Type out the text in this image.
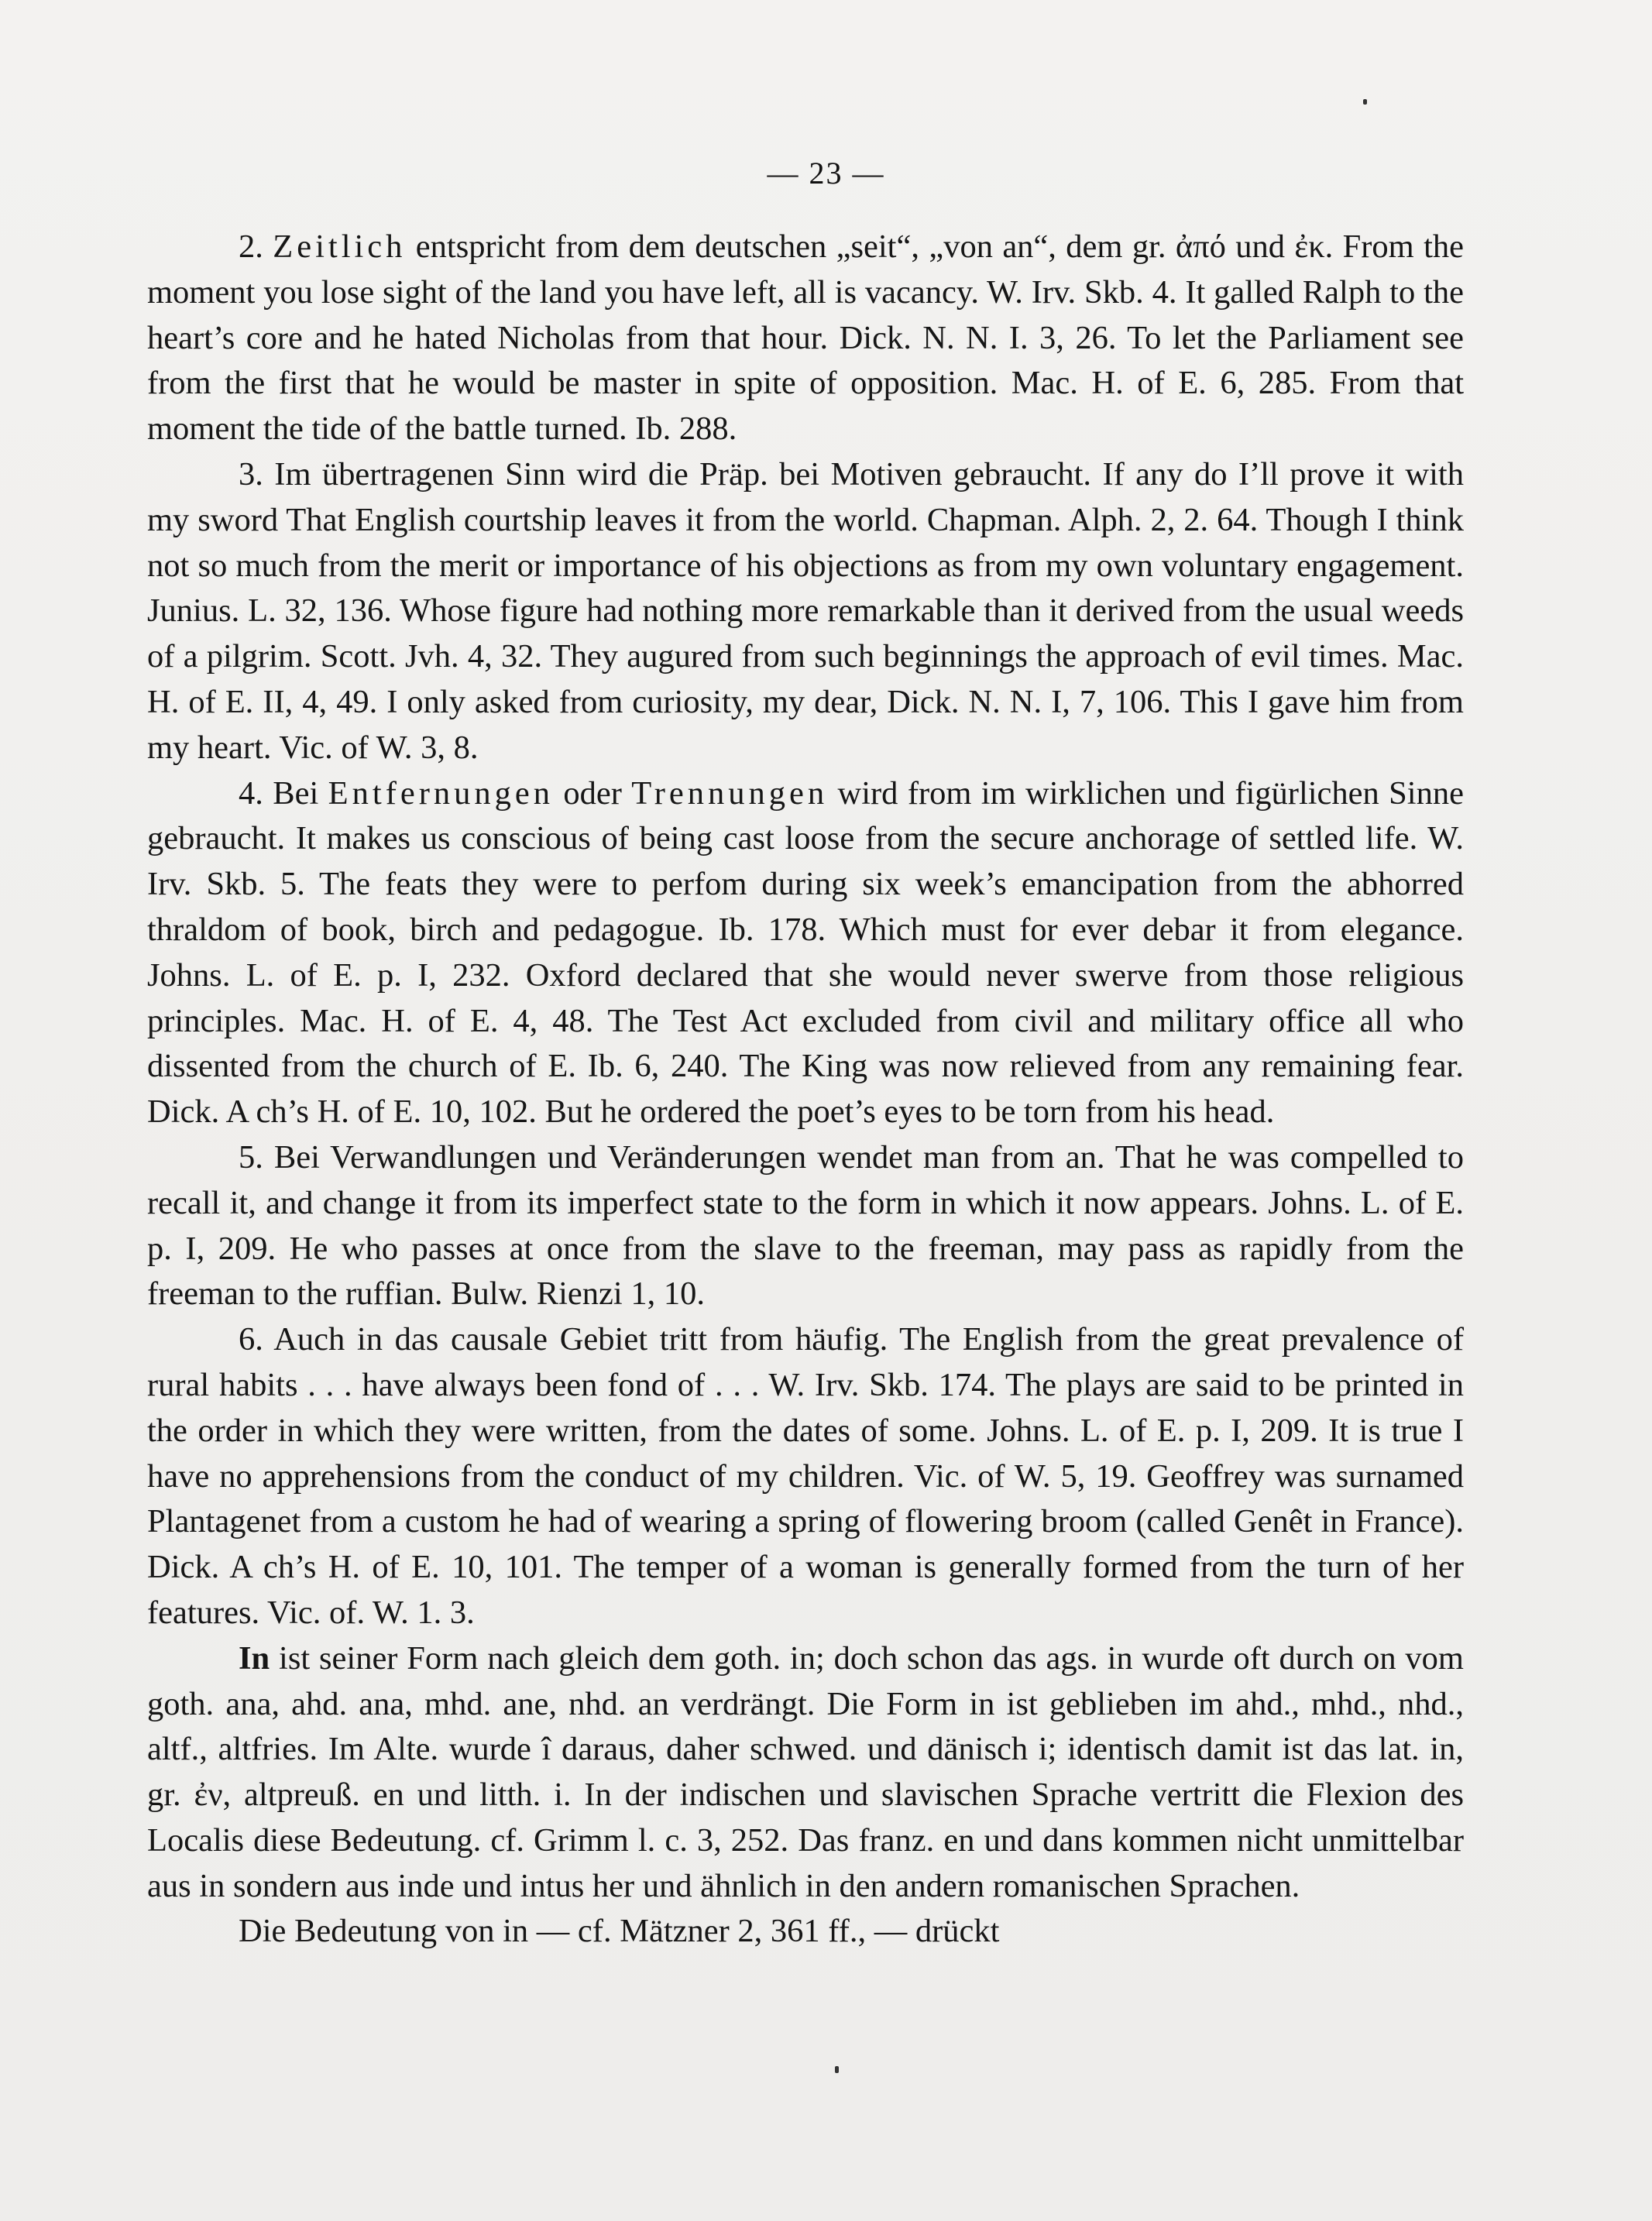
— 23 —

2. Zeitlich entspricht from dem deutschen „seit“, „von an“, dem gr. ἀπό und ἐκ. From the moment you lose sight of the land you have left, all is vacancy. W. Irv. Skb. 4. It galled Ralph to the heart’s core and he hated Nicholas from that hour. Dick. N. N. I. 3, 26. To let the Parliament see from the first that he would be master in spite of opposition. Mac. H. of E. 6, 285. From that moment the tide of the battle turned. Ib. 288.

3. Im übertragenen Sinn wird die Präp. bei Motiven gebraucht. If any do I’ll prove it with my sword That English courtship leaves it from the world. Chapman. Alph. 2, 2. 64. Though I think not so much from the merit or importance of his objections as from my own voluntary engagement. Junius. L. 32, 136. Whose figure had nothing more remarkable than it derived from the usual weeds of a pilgrim. Scott. Jvh. 4, 32. They augured from such beginnings the approach of evil times. Mac. H. of E. II, 4, 49. I only asked from curiosity, my dear, Dick. N. N. I, 7, 106. This I gave him from my heart. Vic. of W. 3, 8.

4. Bei Entfernungen oder Trennungen wird from im wirklichen und figürlichen Sinne gebraucht. It makes us conscious of being cast loose from the secure anchorage of settled life. W. Irv. Skb. 5. The feats they were to perfom during six week’s emancipation from the abhorred thraldom of book, birch and pedagogue. Ib. 178. Which must for ever debar it from elegance. Johns. L. of E. p. I, 232. Oxford declared that she would never swerve from those religious principles. Mac. H. of E. 4, 48. The Test Act excluded from civil and military office all who dissented from the church of E. Ib. 6, 240. The King was now relieved from any remaining fear. Dick. A ch’s H. of E. 10, 102. But he ordered the poet’s eyes to be torn from his head.

5. Bei Verwandlungen und Veränderungen wendet man from an. That he was compelled to recall it, and change it from its imperfect state to the form in which it now appears. Johns. L. of E. p. I, 209. He who passes at once from the slave to the freeman, may pass as rapidly from the freeman to the ruffian. Bulw. Rienzi 1, 10.

6. Auch in das causale Gebiet tritt from häufig. The English from the great prevalence of rural habits . . . have always been fond of . . . W. Irv. Skb. 174. The plays are said to be printed in the order in which they were written, from the dates of some. Johns. L. of E. p. I, 209. It is true I have no apprehensions from the conduct of my children. Vic. of W. 5, 19. Geoffrey was surnamed Plantagenet from a custom he had of wearing a spring of flowering broom (called Genêt in France). Dick. A ch’s H. of E. 10, 101. The temper of a woman is generally formed from the turn of her features. Vic. of. W. 1. 3.

In ist seiner Form nach gleich dem goth. in; doch schon das ags. in wurde oft durch on vom goth. ana, ahd. ana, mhd. ane, nhd. an verdrängt. Die Form in ist geblieben im ahd., mhd., nhd., altf., altfries. Im Alte. wurde î daraus, daher schwed. und dänisch i; identisch damit ist das lat. in, gr. ἐν, altpreuß. en und litth. i. In der indischen und slavischen Sprache vertritt die Flexion des Localis diese Bedeutung. cf. Grimm l. c. 3, 252. Das franz. en und dans kommen nicht unmittelbar aus in sondern aus inde und intus her und ähnlich in den andern romanischen Sprachen.

Die Bedeutung von in — cf. Mätzner 2, 361 ff., — drückt
